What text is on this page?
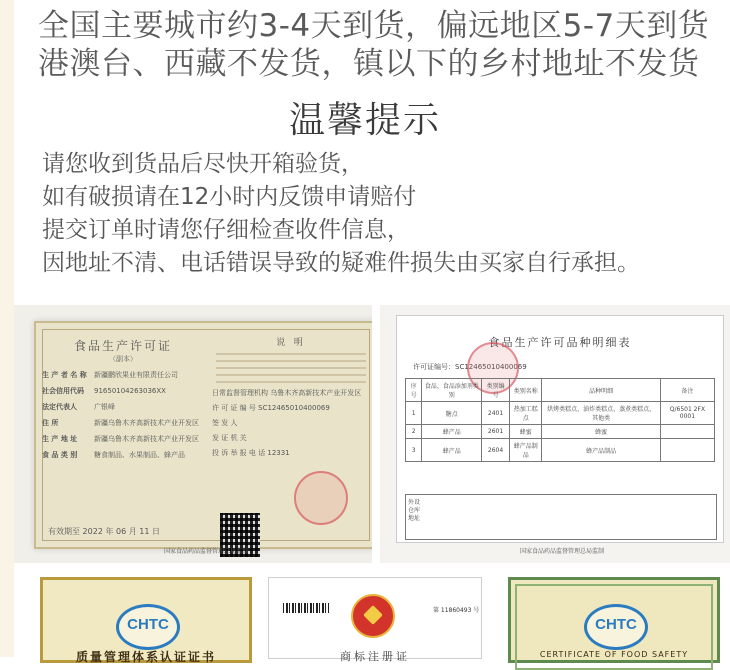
全国主要城市约3-4天到货，偏远地区5-7天到货
港澳台、西藏不发货，镇以下的乡村地址不发货
温馨提示
请您收到货品后尽快开箱验货，
如有破损请在12小时内反馈申请赔付
提交订单时请您仔细检查收件信息，
因地址不清、电话错误导致的疑难件损失由买家自行承担。
食品生产许可证
（副本）
生 产 者 名 称 新疆鹏欣果业有限责任公司
社会信用代码 91650104263036XX
法定代表人 广银峰
住 所	新疆乌鲁木齐高新技术产业开发区
生 产 地 址 新疆乌鲁木齐高新技术产业开发区
食 品 类 别 糖食制品、水果制品、蜂产品
有效期至 2022 年 06 月 11 日
说 明
日常监督管理机构 乌鲁木齐高新技术产业开发区
许 可 证 编 号 SC12465010400069
签 发 人
发 证 机 关
投 诉 举 报 电 话 12331
国家食品药品监督管理总局监制
食品生产许可品种明细表
许可证编号：SC12465010400069
序号	食品、食品添加剂类别	类别编号	类别名称	品种明细	备注
1	糖点	2401	热加工糕点	烘烤类糕点，油炸类糕点，蒸煮类糕点，其他类	Q/6501 2FX 0001
2	蜂产品	2601	蜂蜜	蜂蜜	
3	蜂产品	2604	蜂产品制品	蜂产品制品	
外设仓库地址
国家食品药品监督管理总局监制
CHTC
质量管理体系认证证书
第 11860493 号
商标注册证
CHTC
CERTIFICATE OF FOOD SAFETY
